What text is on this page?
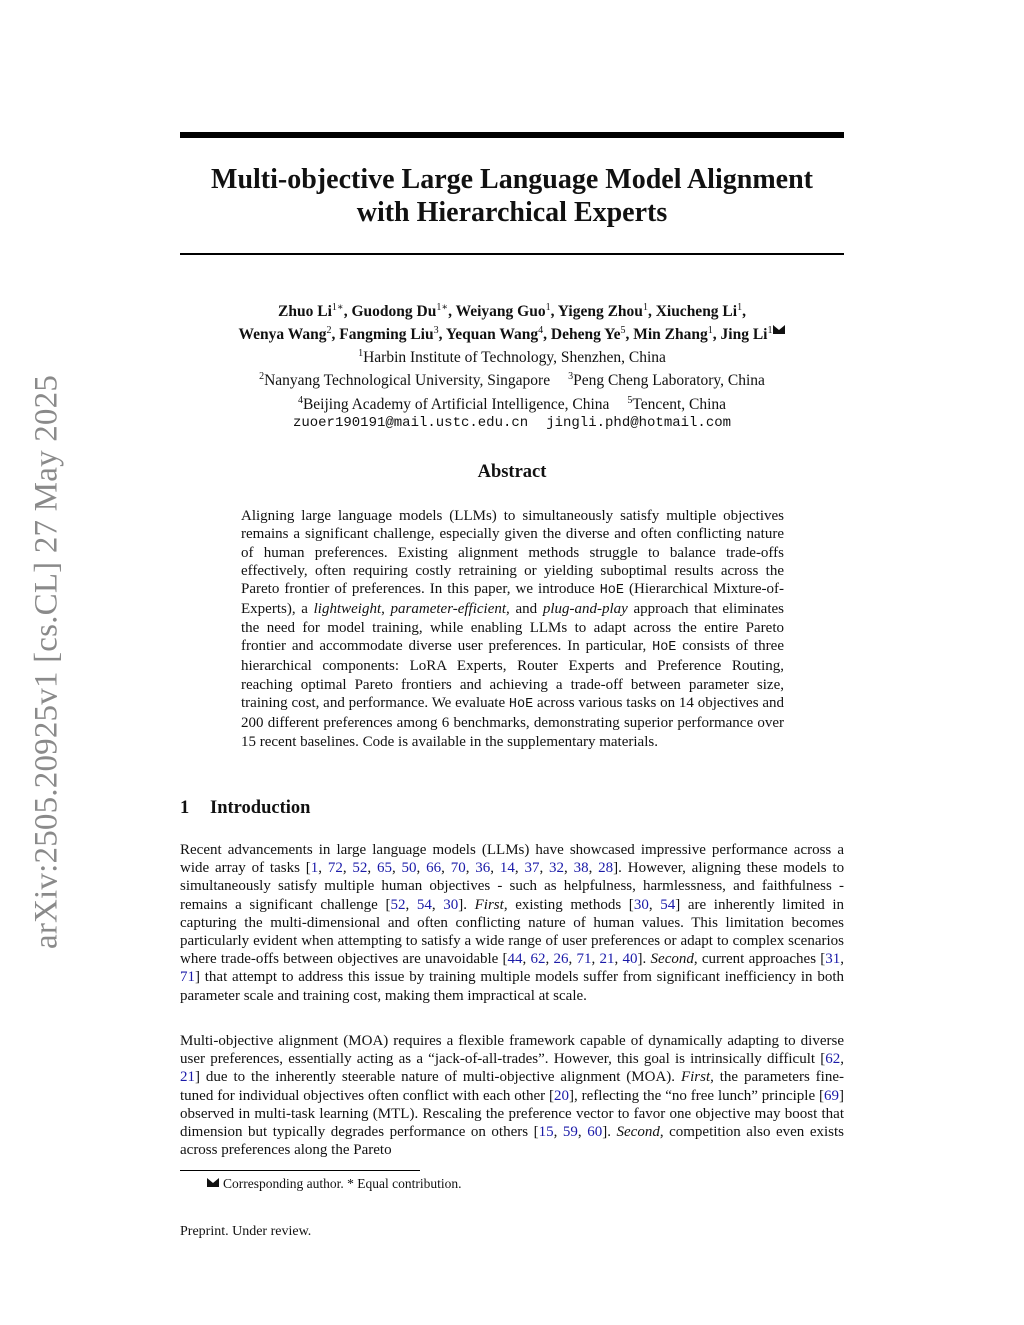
arXiv:2505.20925v1 [cs.CL] 27 May 2025
Multi-objective Large Language Model Alignment
with Hierarchical Experts
Zhuo $Li^{1∗}$, Guodong $Du^{1∗}$, Weiyang Guo$^1$, Yigeng Zhou$^1$, Xiucheng Li$^1$,
Wenya Wang$^2$, Fangming Liu$^3$, Yequan Wang$^4$, Deheng Ye$^5$, Min Zhang$^1$, Jing Li$^1$
$^1$Harbin Institute of Technology, Shenzhen, China
$^2$Nanyang Technological University, Singapore $^3$Peng Cheng Laboratory, China
$^4$Beijing Academy of Artificial Intelligence, China $^5$Tencent, China
zuoer190191@mail.ustc.edu.cn jingli.phd@hotmail.com
Abstract
Aligning large language models (LLMs) to simultaneously satisfy multiple objectives remains a significant challenge, especially given the diverse and often conflicting nature of human preferences. Existing alignment methods struggle to balance trade-offs effectively, often requiring costly retraining or yielding suboptimal results across the Pareto frontier of preferences. In this paper, we introduce HoE (Hierarchical Mixture-of-Experts), a lightweight, parameter-efficient, and plug-and-play approach that eliminates the need for model training, while enabling LLMs to adapt across the entire Pareto frontier and accommodate diverse user preferences. In particular, HoE consists of three hierarchical components: LoRA Experts, Router Experts and Preference Routing, reaching optimal Pareto frontiers and achieving a trade-off between parameter size, training cost, and performance. We evaluate HoE across various tasks on 14 objectives and 200 different preferences among 6 benchmarks, demonstrating superior performance over 15 recent baselines. Code is available in the supplementary materials.
1 Introduction
Recent advancements in large language models (LLMs) have showcased impressive performance across a wide array of tasks [1, 72, 52, 65, 50, 66, 70, 36, 14, 37, 32, 38, 28]. However, aligning these models to simultaneously satisfy multiple human objectives - such as helpfulness, harmlessness, and faithfulness - remains a significant challenge [52, 54, 30]. First, existing methods [30, 54] are inherently limited in capturing the multi-dimensional and often conflicting nature of human values. This limitation becomes particularly evident when attempting to satisfy a wide range of user preferences or adapt to complex scenarios where trade-offs between objectives are unavoidable [44, 62, 26, 71, 21, 40]. Second, current approaches [31, 71] that attempt to address this issue by training multiple models suffer from significant inefficiency in both parameter scale and training cost, making them impractical at scale.
Multi-objective alignment (MOA) requires a flexible framework capable of dynamically adapting to diverse user preferences, essentially acting as a “jack-of-all-trades”. However, this goal is intrinsically difficult [62, 21] due to the inherently steerable nature of multi-objective alignment (MOA). First, the parameters fine-tuned for individual objectives often conflict with each other [20], reflecting the “no free lunch” principle [69] observed in multi-task learning (MTL). Rescaling the preference vector to favor one objective may boost that dimension but typically degrades performance on others [15, 59, 60]. Second, competition also even exists across preferences along the Pareto
Corresponding author. * Equal contribution.
Preprint. Under review.
